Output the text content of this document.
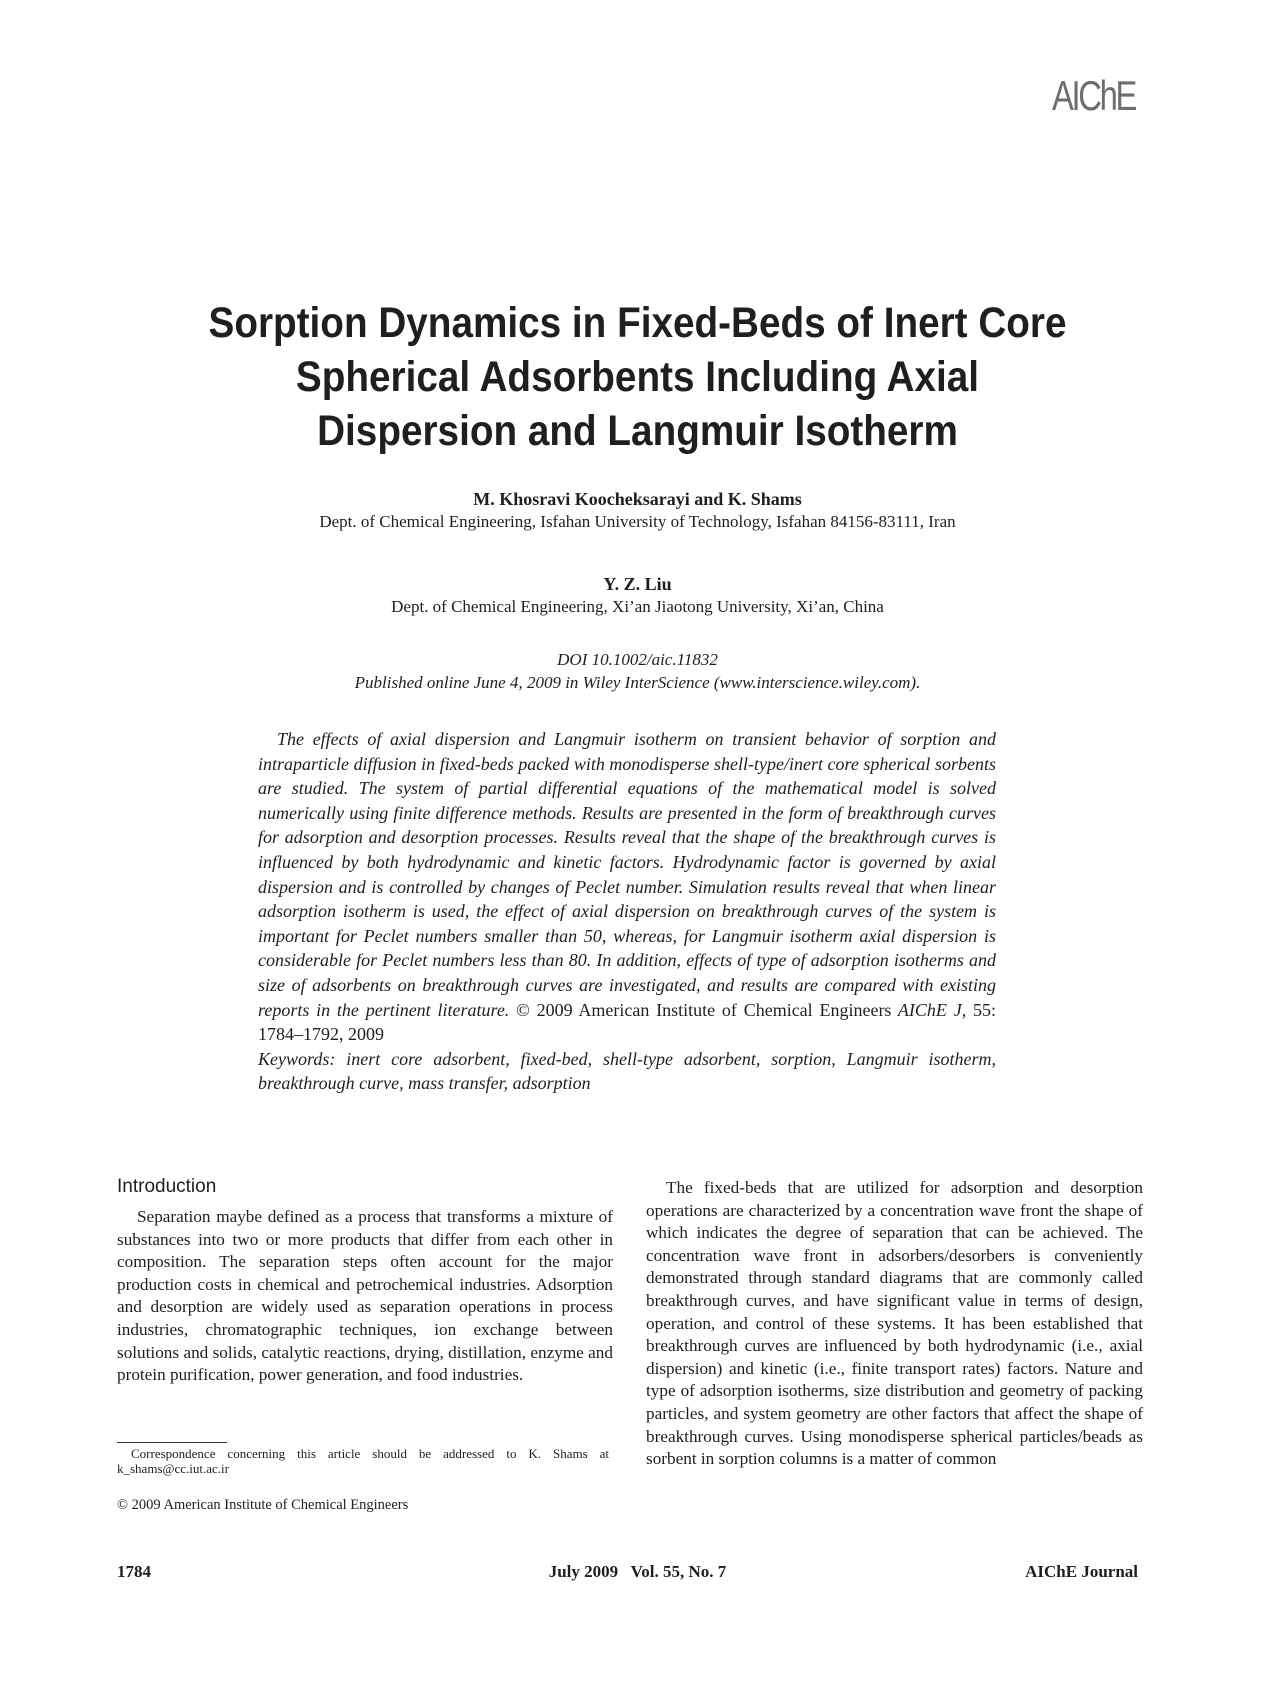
AIChE
Sorption Dynamics in Fixed-Beds of Inert Core
Spherical Adsorbents Including Axial
Dispersion and Langmuir Isotherm
M. Khosravi Koocheksarayi and K. Shams
Dept. of Chemical Engineering, Isfahan University of Technology, Isfahan 84156-83111, Iran
Y. Z. Liu
Dept. of Chemical Engineering, Xi’an Jiaotong University, Xi’an, China
DOI 10.1002/aic.11832
Published online June 4, 2009 in Wiley InterScience (www.interscience.wiley.com).

The effects of axial dispersion and Langmuir isotherm on transient behavior of sorption and intraparticle diffusion in fixed-beds packed with monodisperse shell-type/inert core spherical sorbents are studied. The system of partial differential equations of the mathematical model is solved numerically using finite difference methods. Results are presented in the form of breakthrough curves for adsorption and desorption processes. Results reveal that the shape of the breakthrough curves is influenced by both hydrodynamic and kinetic factors. Hydrodynamic factor is governed by axial dispersion and is controlled by changes of Peclet number. Simulation results reveal that when linear adsorption isotherm is used, the effect of axial dispersion on breakthrough curves of the system is important for Peclet numbers smaller than 50, whereas, for Langmuir isotherm axial dispersion is considerable for Peclet numbers less than 80. In addition, effects of type of adsorption isotherms and size of adsorbents on breakthrough curves are investigated, and results are compared with existing reports in the pertinent literature. © 2009 American Institute of Chemical Engineers AIChE J, 55: 1784–1792, 2009

Keywords: inert core adsorbent, fixed-bed, shell-type adsorbent, sorption, Langmuir isotherm, breakthrough curve, mass transfer, adsorption

Introduction

Separation maybe defined as a process that transforms a mixture of substances into two or more products that differ from each other in composition. The separation steps often account for the major production costs in chemical and petrochemical industries. Adsorption and desorption are widely used as separation operations in process industries, chromatographic techniques, ion exchange between solutions and solids, catalytic reactions, drying, distillation, enzyme and protein purification, power generation, and food industries.

The fixed-beds that are utilized for adsorption and desorption operations are characterized by a concentration wave front the shape of which indicates the degree of separation that can be achieved. The concentration wave front in adsorbers/desorbers is conveniently demonstrated through standard diagrams that are commonly called breakthrough curves, and have significant value in terms of design, operation, and control of these systems. It has been established that breakthrough curves are influenced by both hydrodynamic (i.e., axial dispersion) and kinetic (i.e., finite transport rates) factors. Nature and type of adsorption isotherms, size distribution and geometry of packing particles, and system geometry are other factors that affect the shape of breakthrough curves. Using monodisperse spherical particles/beads as sorbent in sorption columns is a matter of common

Correspondence concerning this article should be addressed to K. Shams at k_shams@cc.iut.ac.ir

© 2009 American Institute of Chemical Engineers
1784	July 2009   Vol. 55, No. 7	AIChE Journal
